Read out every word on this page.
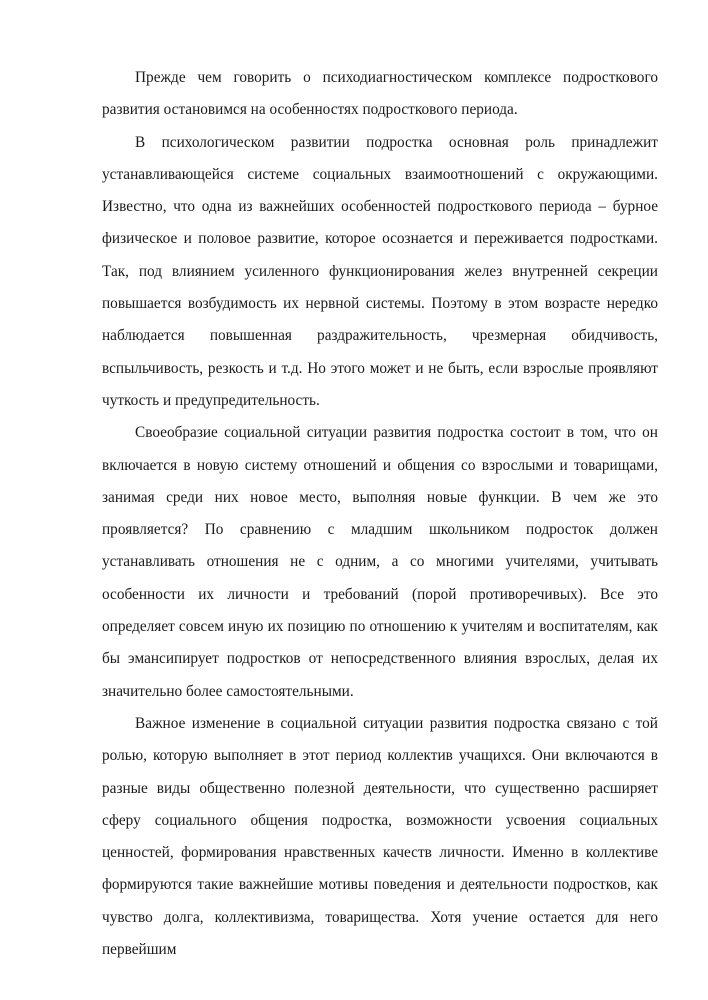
Прежде чем говорить о психодиагностическом комплексе подросткового развития остановимся на особенностях подросткового периода.

В психологическом развитии подростка основная роль принадлежит устанавливающейся системе социальных взаимоотношений с окружающими. Известно, что одна из важнейших особенностей подросткового периода – бурное физическое и половое развитие, которое осознается и переживается подростками. Так, под влиянием усиленного функционирования желез внутренней секреции повышается возбудимость их нервной системы. Поэтому в этом возрасте нередко наблюдается повышенная раздражительность, чрезмерная обидчивость, вспыльчивость, резкость и т.д. Но этого может и не быть, если взрослые проявляют чуткость и предупредительность.

Своеобразие социальной ситуации развития подростка состоит в том, что он включается в новую систему отношений и общения со взрослыми и товарищами, занимая среди них новое место, выполняя новые функции. В чем же это проявляется? По сравнению с младшим школьником подросток должен устанавливать отношения не с одним, а со многими учителями, учитывать особенности их личности и требований (порой противоречивых). Все это определяет совсем иную их позицию по отношению к учителям и воспитателям, как бы эмансипирует подростков от непосредственного влияния взрослых, делая их значительно более самостоятельными.

Важное изменение в социальной ситуации развития подростка связано с той ролью, которую выполняет в этот период коллектив учащихся. Они включаются в разные виды общественно полезной деятельности, что существенно расширяет сферу социального общения подростка, возможности усвоения социальных ценностей, формирования нравственных качеств личности. Именно в коллективе формируются такие важнейшие мотивы поведения и деятельности подростков, как чувство долга, коллективизма, товарищества. Хотя учение остается для него первейшим
